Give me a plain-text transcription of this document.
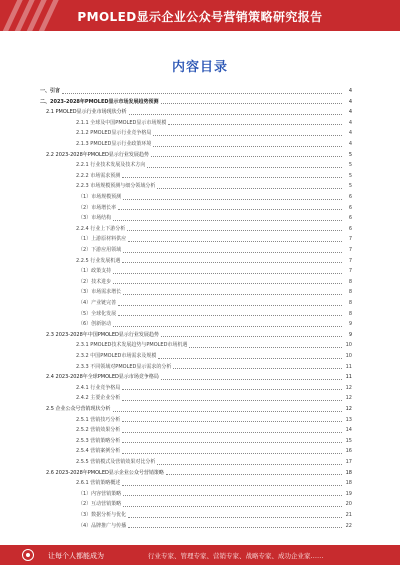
PMOLED显示企业公众号营销策略研究报告
内容目录
一、引言	4
二、2023-2028年PMOLED显示市场发展趋势预测	4
2.1 PMOLED显示行业市场现状分析	4
2.1.1 全球及中国PMOLED显示市场规模	4
2.1.2 PMOLED显示行业竞争格局	4
2.1.3 PMOLED显示行业政策环境	4
2.2 2023-2028年PMOLED显示行业发展趋势	5
2.2.1 行业技术发展及技术方向	5
2.2.2 市场需求预测	5
2.2.3 市场规模预测与细分领域分析	5
（1）市场规模预测	6
（2）市场增长率	6
（3）市场结构	6
2.2.4 行业上下游分析	6
（1）上游原材料供应	7
（2）下游应用领域	7
2.2.5 行业发展机遇	7
（1）政策支持	7
（2）技术进步	8
（3）市场需求增长	8
（4）产业链完善	8
（5）全球化发展	8
（6）创新驱动	9
2.3 2023-2028年中国PMOLED显示行业发展趋势	9
2.3.1 PMOLED技术发展趋势与PMOLED市场机遇	10
2.3.2 中国PMOLED市场需求及规模	10
2.3.3 不同领域对PMOLED显示需求的分析	11
2.4 2023-2028年全球PMOLED显示市场竞争格局	11
2.4.1 行业竞争格局	12
2.4.2 主要企业分析	12
2.5 企业公众号营销现状分析	12
2.5.1 营销技巧分析	13
2.5.2 营销效果分析	14
2.5.3 营销策略分析	15
2.5.4 营销案例分析	16
2.5.5 营销模式及营销效果对比分析	17
2.6 2023-2028年PMOLED显示企业公众号营销策略	18
2.6.1 营销策略概述	18
（1）内容营销策略	19
（2）互动营销策略	20
（3）数据分析与优化	21
（4）品牌推广与传播	22
让每个人都能成为	行业专家、管理专家、营销专家、战略专家、成功企业家……
